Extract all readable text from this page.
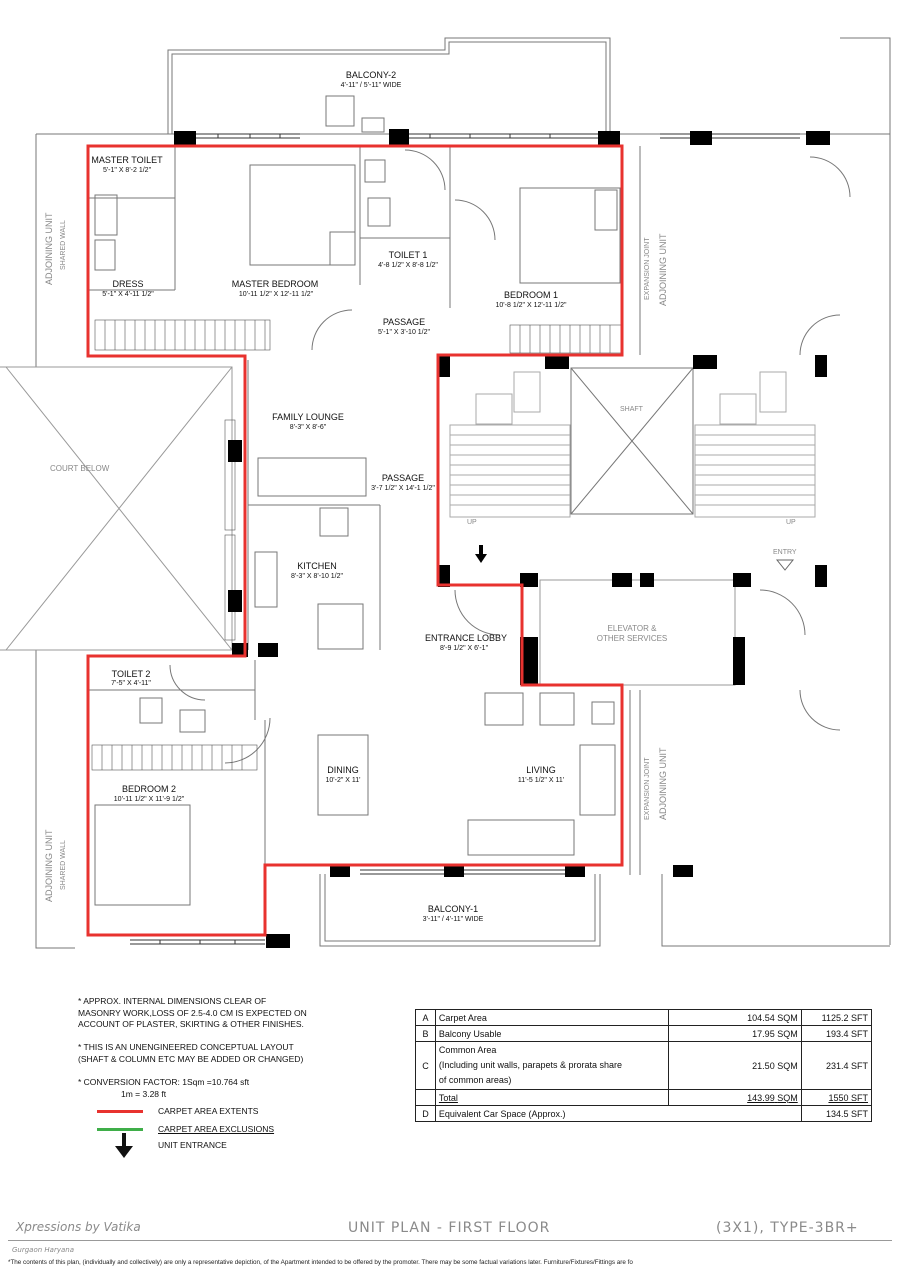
BALCONY-2
4'-11" / 5'-11" WIDE
MASTER TOILET
5'-1" X 8'-2 1/2"
DRESS
5'-1" X 4'-11 1/2"
MASTER BEDROOM
10'-11 1/2" X 12'-11 1/2"
TOILET 1
4'-8 1/2" X 8'-8 1/2"
PASSAGE
5'-1" X 3'-10 1/2"
BEDROOM 1
10'-8 1/2" X 12'-11 1/2"
FAMILY LOUNGE
8'-3" X 8'-6"
PASSAGE
3'-7 1/2" X 14'-1 1/2"
KITCHEN
8'-3" X 8'-10 1/2"
ENTRANCE LOBBY
8'-9 1/2" X 6'-1"
TOILET 2
7'-5" X 4'-11"
BEDROOM 2
10'-11 1/2" X 11'-9 1/2"
DINING
10'-2" X 11'
LIVING
11'-5 1/2" X 11'
BALCONY-1
3'-11" / 4'-11" WIDE
COURT BELOW
SHAFT
UP	UP
ENTRY
ELEVATOR &
OTHER SERVICES
ADJOINING UNIT SHARED WALL
ADJOINING UNIT SHARED WALL
EXPANSION JOINT ADJOINING UNIT
EXPANSION JOINT ADJOINING UNIT
* APPROX. INTERNAL DIMENSIONS CLEAR OF
MASONRY WORK,LOSS OF 2.5-4.0 CM IS EXPECTED ON
ACCOUNT OF PLASTER, SKIRTING & OTHER FINISHES.
* THIS IS AN UNENGINEERED CONCEPTUAL LAYOUT
(SHAFT & COLUMN ETC MAY BE ADDED OR CHANGED)
* CONVERSION FACTOR: 1Sqm =10.764 sft
1m = 3.28 ft
CARPET AREA EXTENTS
CARPET AREA EXCLUSIONS
UNIT ENTRANCE
A	Carpet Area	104.54 SQM	1125.2 SFT
B	Balcony Usable	17.95 SQM	193.4 SFT
C	Common Area
(Including unit walls, parapets & prorata share
of common areas)	21.50 SQM	231.4 SFT
	Total	143.99 SQM	1550 SFT
D	Equivalent Car Space (Approx.)		134.5 SFT
Xpressions by Vatika	UNIT PLAN - FIRST FLOOR	(3X1), TYPE-3BR+
Gurgaon Haryana
*The contents of this plan, (individually and collectively) are only a representative depiction, of the Apartment intended to be offered by the promoter. There may be some factual variations later. Furniture/Fixtures/Fittings are fo
